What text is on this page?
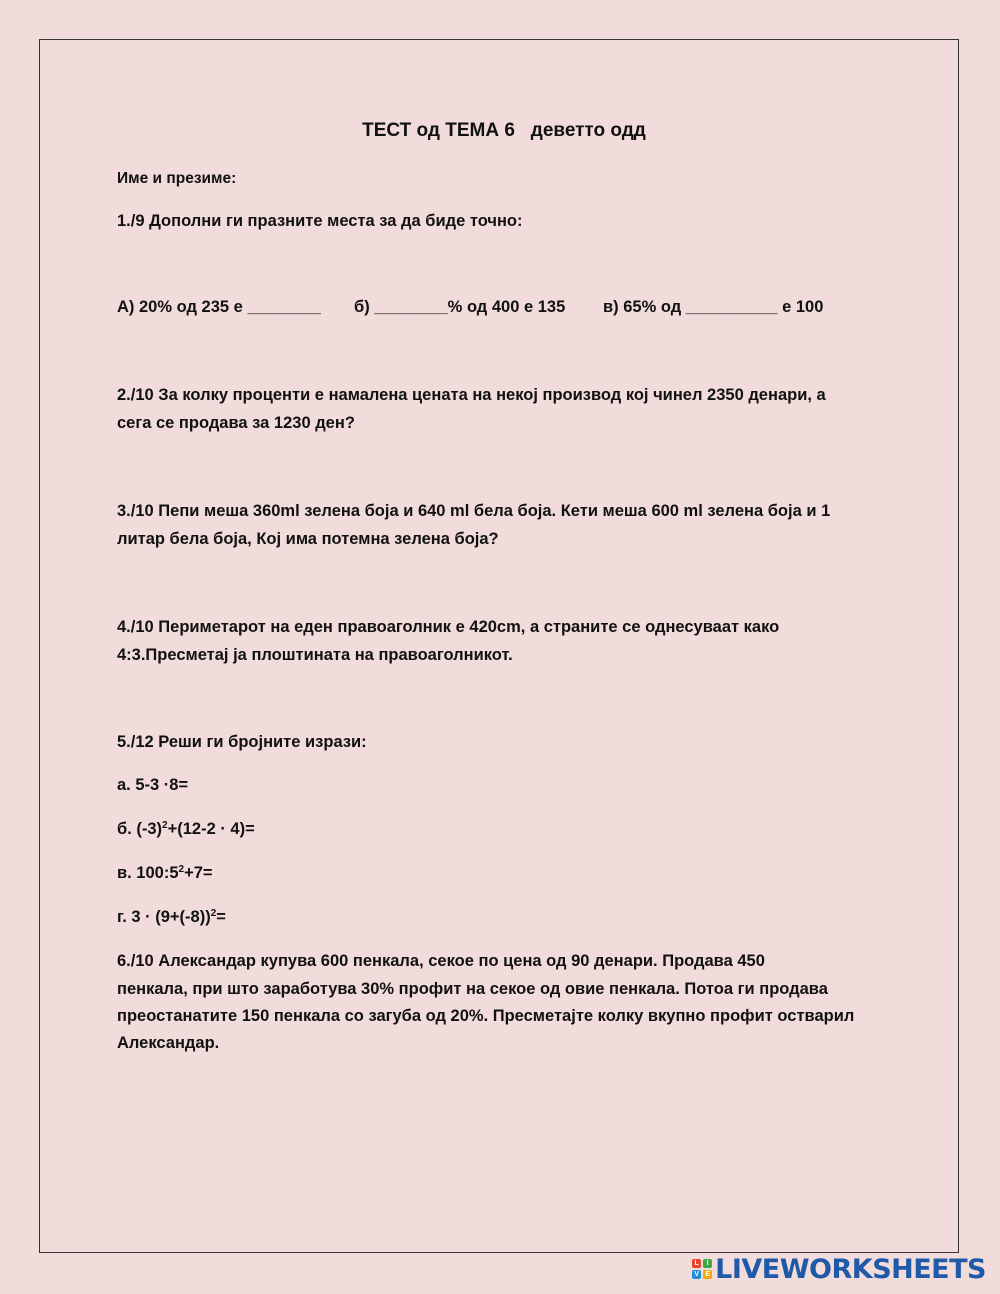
ТЕСТ од ТЕМА 6   деветто одд
Име и презиме:
1./9 Дополни ги празните места за да биде точно:
А) 20% од 235 е ________ б) ________% од 400 е 135 в) 65% од __________ е 100
2./10 За колку проценти е намалена цената на некој производ кој чинел 2350 денари, а
сега се продава за 1230 ден?
3./10 Пепи меша 360ml зелена боја и 640 ml бела боја. Кети меша 600 ml зелена боја и 1
литар бела боја, Кој има потемна зелена боја?
4./10 Периметарот на еден правоаголник е 420cm, а страните се однесуваат како
4:3.Пресметај ја плоштината на правоаголникот.
5./12 Реши ги бројните изрази:
а. 5-3 ·8=
б. $(-3)^2+(12-2 \cdot 4)=$
в. $100:5^2+7=$
г. $3 \cdot (9+(-8))^2=$
6./10 Александар купува 600 пенкала, секое по цена од 90 денари. Продава 450
пенкала, при што заработува 30% профит на секое од овие пенкала. Потоа ги продава
преостанатите 150 пенкала со загуба од 20%. Пресметајте колку вкупно профит остварил
Александар.
L	I
V E LIVEWORKSHEETS
